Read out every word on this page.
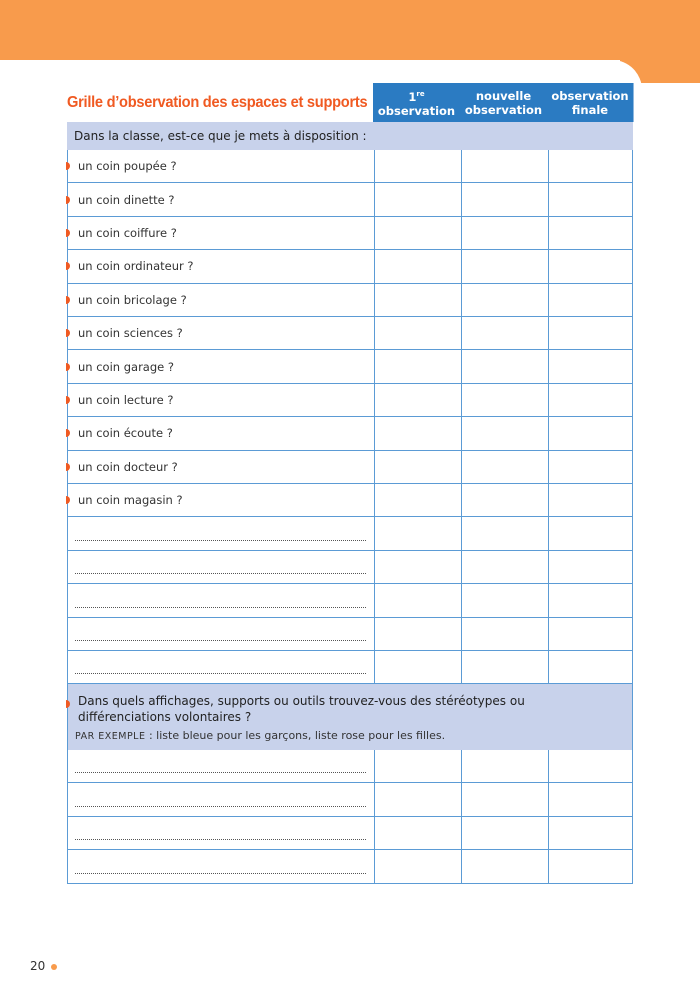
Grille d’observation des espaces et supports	1re observation
nouvelle observation
observation finale
Dans la classe, est-ce que je mets à disposition :
un coin poupée ?
un coin dinette ?
un coin coiffure ?
un coin ordinateur ?
un coin bricolage ?
un coin sciences ?
un coin garage ?
un coin lecture ?
un coin écoute ?
un coin docteur ?
un coin magasin ?
Dans quels affichages, supports ou outils trouvez-vous des stéréotypes ou différenciations volontaires ?
PAR EXEMPLE : liste bleue pour les garçons, liste rose pour les filles.
20
